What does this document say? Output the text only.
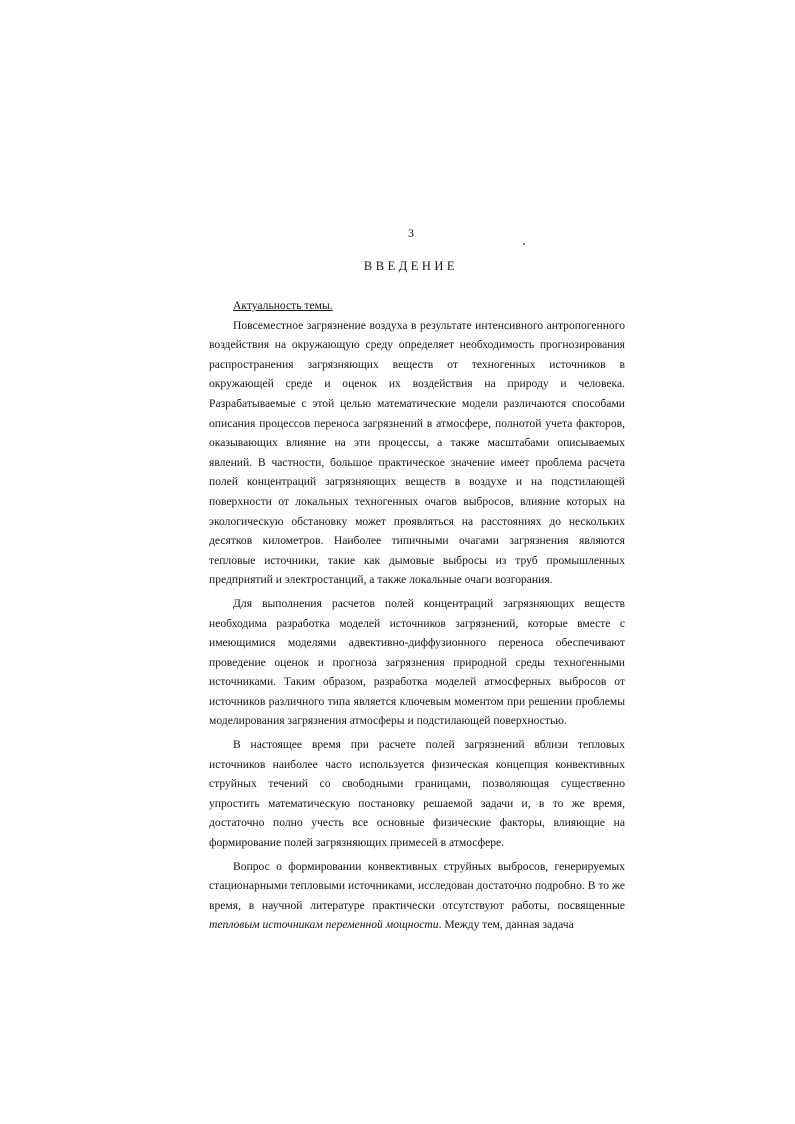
3
ВВЕДЕНИЕ

Актуальность темы.

Повсеместное загрязнение воздуха в результате интенсивного антропогенного воздействия на окружающую среду определяет необходимость прогнозирования распространения загрязняющих веществ от техногенных источников в окружающей среде и оценок их воздействия на природу и человека. Разрабатываемые с этой целью математические модели различаются способами описания процессов переноса загрязнений в атмосфере, полнотой учета факторов, оказывающих влияние на эти процессы, а также масштабами описываемых явлений. В частности, большое практическое значение имеет проблема расчета полей концентраций загрязняющих веществ в воздухе и на подстилающей поверхности от локальных техногенных очагов выбросов, влияние которых на экологическую обстановку может проявляться на расстояниях до нескольких десятков километров. Наиболее типичными очагами загрязнения являются тепловые источники, такие как дымовые выбросы из труб промышленных предприятий и электростанций, а также локальные очаги возгорания.

Для выполнения расчетов полей концентраций загрязняющих веществ необходима разработка моделей источников загрязнений, которые вместе с имеющимися моделями адвективно-диффузионного переноса обеспечивают проведение оценок и прогноза загрязнения природной среды техногенными источниками. Таким образом, разработка моделей атмосферных выбросов от источников различного типа является ключевым моментом при решении проблемы моделирования загрязнения атмосферы и подстилающей поверхностью.

В настоящее время при расчете полей загрязнений вблизи тепловых источников наиболее часто используется физическая концепция конвективных струйных течений со свободными границами, позволяющая существенно упростить математическую постановку решаемой задачи и, в то же время, достаточно полно учесть все основные физические факторы, влияющие на формирование полей загрязняющих примесей в атмосфере.

Вопрос о формировании конвективных струйных выбросов, генерируемых стационарными тепловыми источниками, исследован достаточно подробно. В то же время, в научной литературе практически отсутствуют работы, посвященные тепловым источникам переменной мощности. Между тем, данная задача
